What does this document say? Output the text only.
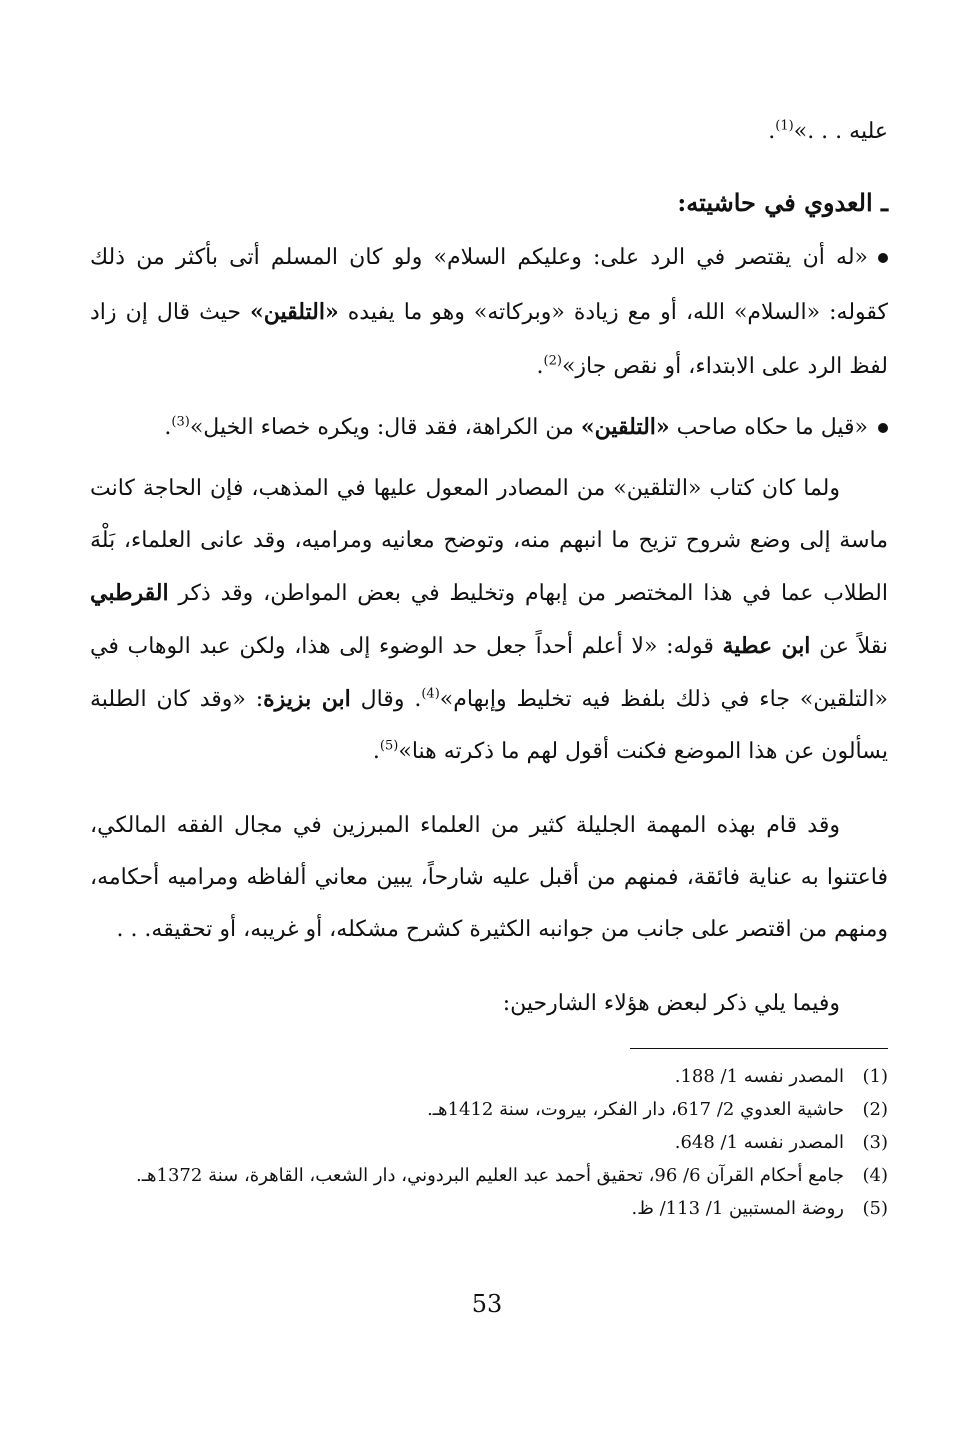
عليه . . .»$^{(1)}$.

ـ العدوي في حاشيته:
«له أن يقتصر في الرد على: وعليكم السلام» ولو كان المسلم أتى بأكثر من ذلك كقوله: «السلام» الله، أو مع زيادة «وبركاته» وهو ما يفيده «التلقين» حيث قال إن زاد لفظ الرد على الابتداء، أو نقص جاز»$^{(2)}$.
«قيل ما حكاه صاحب «التلقين» من الكراهة، فقد قال: ويكره خصاء الخيل»$^{(3)}$.

ولما كان كتاب «التلقين» من المصادر المعول عليها في المذهب، فإن الحاجة كانت ماسة إلى وضع شروح تزيح ما انبهم منه، وتوضح معانيه ومراميه، وقد عانى العلماء، بَلْهَ الطلاب عما في هذا المختصر من إبهام وتخليط في بعض المواطن، وقد ذكر القرطبي نقلاً عن ابن عطية قوله: «لا أعلم أحداً جعل حد الوضوء إلى هذا، ولكن عبد الوهاب في «التلقين» جاء في ذلك بلفظ فيه تخليط وإبهام»$^{(4)}$. وقال ابن بزيزة: «وقد كان الطلبة يسألون عن هذا الموضع فكنت أقول لهم ما ذكرته هنا»$^{(5)}$.

وقد قام بهذه المهمة الجليلة كثير من العلماء المبرزين في مجال الفقه المالكي، فاعتنوا به عناية فائقة، فمنهم من أقبل عليه شارحاً، يبين معاني ألفاظه ومراميه أحكامه، ومنهم من اقتصر على جانب من جوانبه الكثيرة كشرح مشكله، أو غريبه، أو تحقيقه. . .

وفيما يلي ذكر لبعض هؤلاء الشارحين:

(1)
المصدر نفسه 1/ 188.
(2)
حاشية العدوي 2/ 617، دار الفكر، بيروت، سنة 1412هـ.
(3)
المصدر نفسه 1/ 648.
(4)
جامع أحكام القرآن 6/ 96، تحقيق أحمد عبد العليم البردوني، دار الشعب، القاهرة، سنة 1372هـ.
(5)
روضة المستبين 1/ 113/ ظ.
53
